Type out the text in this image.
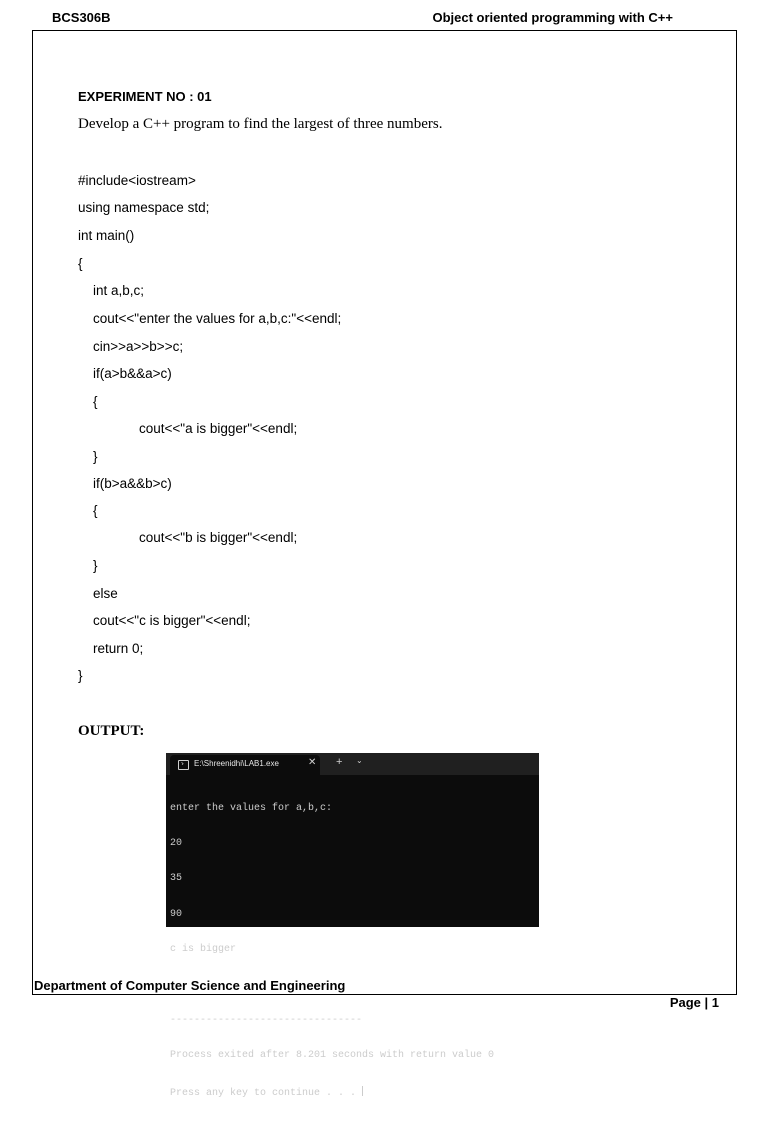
BCS306B	Object oriented programming with C++
EXPERIMENT NO : 01
Develop a C++ program to find the largest of three numbers.
#include<iostream>
using namespace std;
int main()
{
int a,b,c;
cout<<"enter the values for a,b,c:"<<endl;
cin>>a>>b>>c;
if(a>b&&a>c)
{
cout<<"a is bigger"<<endl;
}
if(b>a&&b>c)
{
cout<<"b is bigger"<<endl;
}
else
cout<<"c is bigger"<<endl;
return 0;
}
OUTPUT:
E:\Shreenidhi\LAB1.exe	✕ + ⌄

enter the values for a,b,c:

20

35

90

c is bigger

--------------------------------

Process exited after 8.201 seconds with return value 0

Press any key to continue . . .

Department of Computer Science and Engineering
Page | 1
